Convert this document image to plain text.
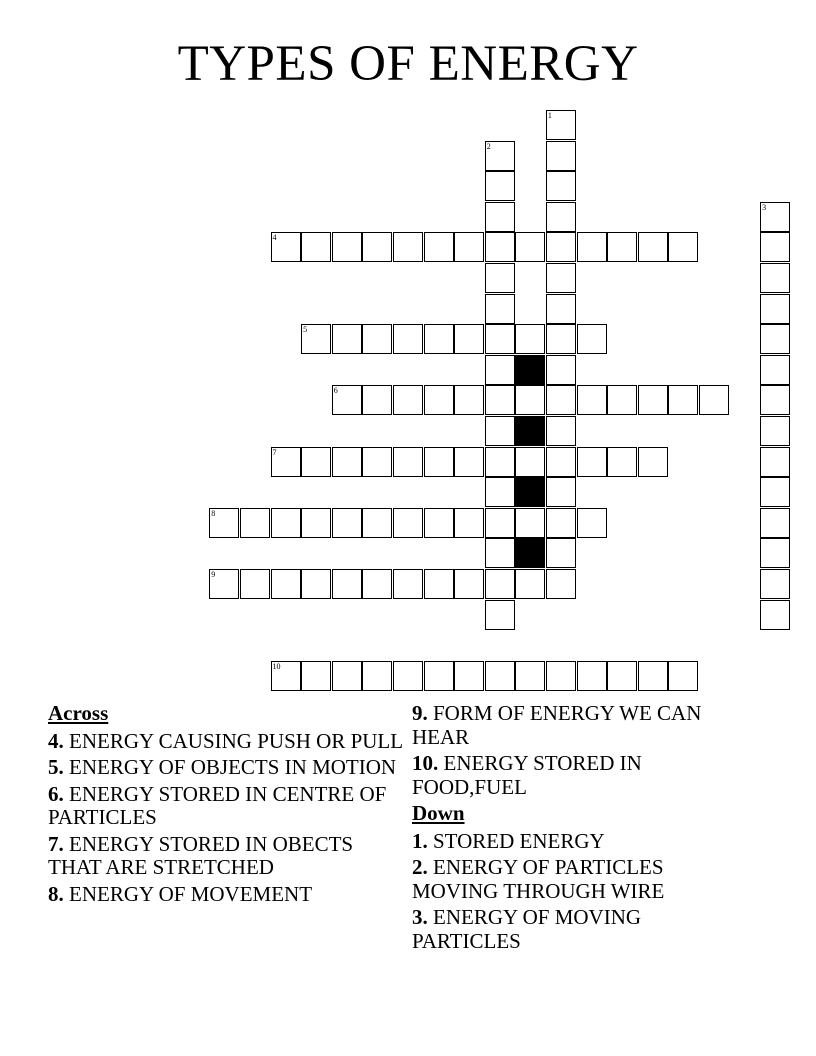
TYPES OF ENERGY
4
5
6
7
8
9
10
1
2
3
Across
4. ENERGY CAUSING PUSH OR PULL
5. ENERGY OF OBJECTS IN MOTION
6. ENERGY STORED IN CENTRE OF PARTICLES
7. ENERGY STORED IN OBECTS THAT ARE STRETCHED
8. ENERGY OF MOVEMENT
9. FORM OF ENERGY WE CAN HEAR
10. ENERGY STORED IN FOOD,FUEL
Down
1. STORED ENERGY
2. ENERGY OF PARTICLES MOVING THROUGH WIRE
3. ENERGY OF MOVING PARTICLES
